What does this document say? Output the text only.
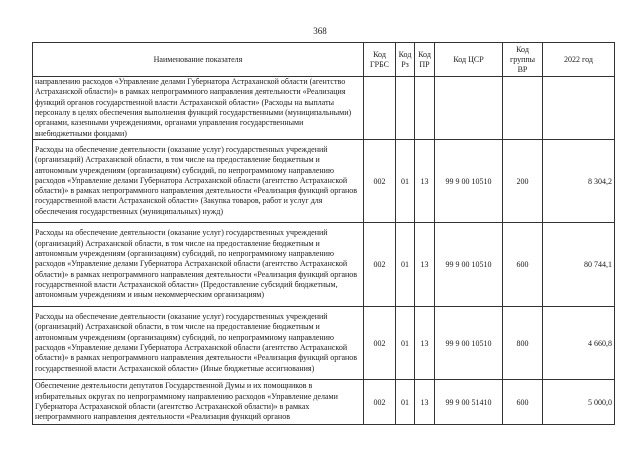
368
Наименование показателя	Код ГРБС	Код Рз	Код ПР	Код ЦСР	Код группы ВР	2022 год
направлению расходов «Управление делами Губернатора Астраханской области (агентство Астраханской области)» в рамках непрограммного направления деятельности «Реализация функций органов государственной власти Астраханской области» (Расходы на выплаты персоналу в целях обеспечения выполнения функций государственными (муниципальными) органами, казенными учреждениями, органами управления государственными внебюджетными фондами)						
Расходы на обеспечение деятельности (оказание услуг) государственных учреждений (организаций) Астраханской области, в том числе на предоставление бюджетным и автономным учреждениям (организациям) субсидий, по непрограммному направлению расходов «Управление делами Губернатора Астраханской области (агентство Астраханской области)» в рамках непрограммного направления деятельности «Реализация функций органов государственной власти Астраханской области» (Закупка товаров, работ и услуг для обеспечения государственных (муниципальных) нужд)	002	01	13	99 9 00 10510	200	8 304,2
Расходы на обеспечение деятельности (оказание услуг) государственных учреждений (организаций) Астраханской области, в том числе на предоставление бюджетным и автономным учреждениям (организациям) субсидий, по непрограммному направлению расходов «Управление делами Губернатора Астраханской области (агентство Астраханской области)» в рамках непрограммного направления деятельности «Реализация функций органов государственной власти Астраханской области» (Предоставление субсидий бюджетным, автономным учреждениям и иным некоммерческим организациям)	002	01	13	99 9 00 10510	600	80 744,1
Расходы на обеспечение деятельности (оказание услуг) государственных учреждений (организаций) Астраханской области, в том числе на предоставление бюджетным и автономным учреждениям (организациям) субсидий, по непрограммному направлению расходов «Управление делами Губернатора Астраханской области (агентство Астраханской области)» в рамках непрограммного направления деятельности «Реализация функций органов государственной власти Астраханской области» (Иные бюджетные ассигнования)	002	01	13	99 9 00 10510	800	4 660,8
Обеспечение деятельности депутатов Государственной Думы и их помощников в избирательных округах по непрограммному направлению расходов «Управление делами Губернатора Астраханской области (агентство Астраханской области)» в рамках непрограммного направления деятельности «Реализация функций органов	002	01	13	99 9 00 51410	600	5 000,0
